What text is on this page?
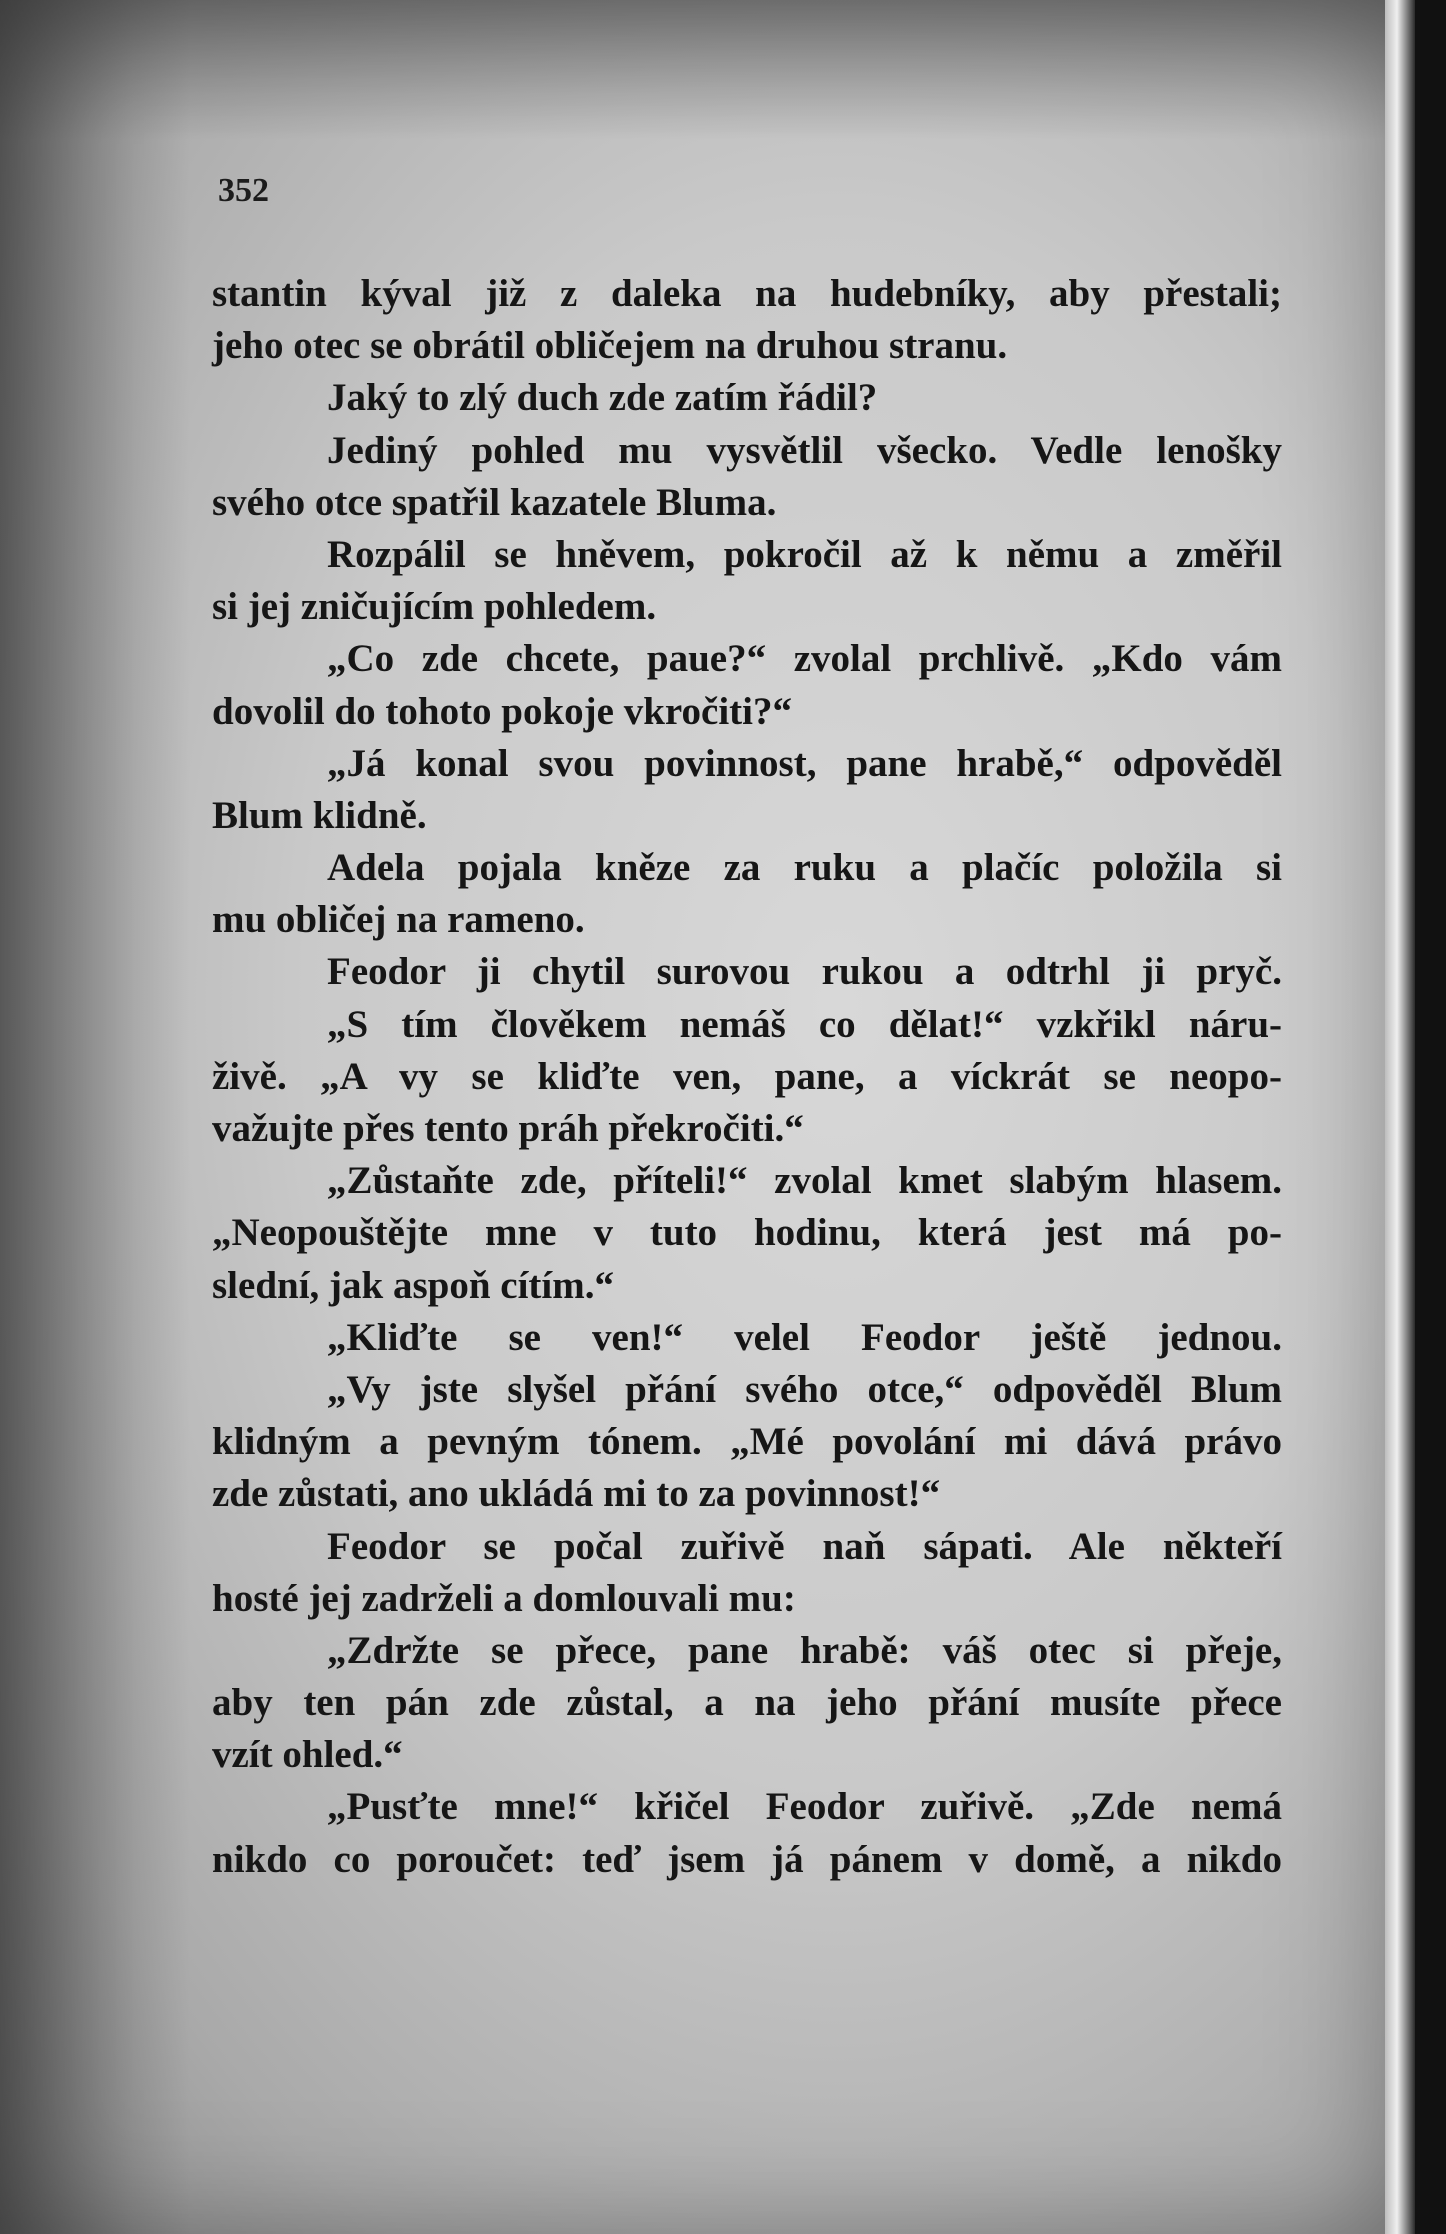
352
stantin kýval již z daleka na hudebníky, aby přestali;
jeho otec se obrátil obličejem na druhou stranu.
Jaký to zlý duch zde zatím řádil?
Jediný pohled mu vysvětlil všecko. Vedle lenošky
svého otce spatřil kazatele Bluma.
Rozpálil se hněvem, pokročil až k němu a změřil
si jej zničujícím pohledem.
„Co zde chcete, paue?“ zvolal prchlivě. „Kdo vám
dovolil do tohoto pokoje vkročiti?“
„Já konal svou povinnost, pane hrabě,“ odpověděl
Blum klidně.
Adela pojala kněze za ruku a plačíc položila si
mu obličej na rameno.
Feodor ji chytil surovou rukou a odtrhl ji pryč.
„S tím člověkem nemáš co dělat!“ vzkřikl náru-
živě. „A vy se kliďte ven, pane, a víckrát se neopo-
važujte přes tento práh překročiti.“
„Zůstaňte zde, příteli!“ zvolal kmet slabým hlasem.
„Neopouštějte mne v tuto hodinu, která jest má po-
slední, jak aspoň cítím.“
„Kliďte se ven!“ velel Feodor ještě jednou.
„Vy jste slyšel přání svého otce,“ odpověděl Blum
klidným a pevným tónem. „Mé povolání mi dává právo
zde zůstati, ano ukládá mi to za povinnost!“
Feodor se počal zuřivě naň sápati. Ale někteří
hosté jej zadrželi a domlouvali mu:
„Zdržte se přece, pane hrabě: váš otec si přeje,
aby ten pán zde zůstal, a na jeho přání musíte přece
vzít ohled.“
„Pusťte mne!“ křičel Feodor zuřivě. „Zde nemá
nikdo co poroučet: teď jsem já pánem v domě, a nikdo
